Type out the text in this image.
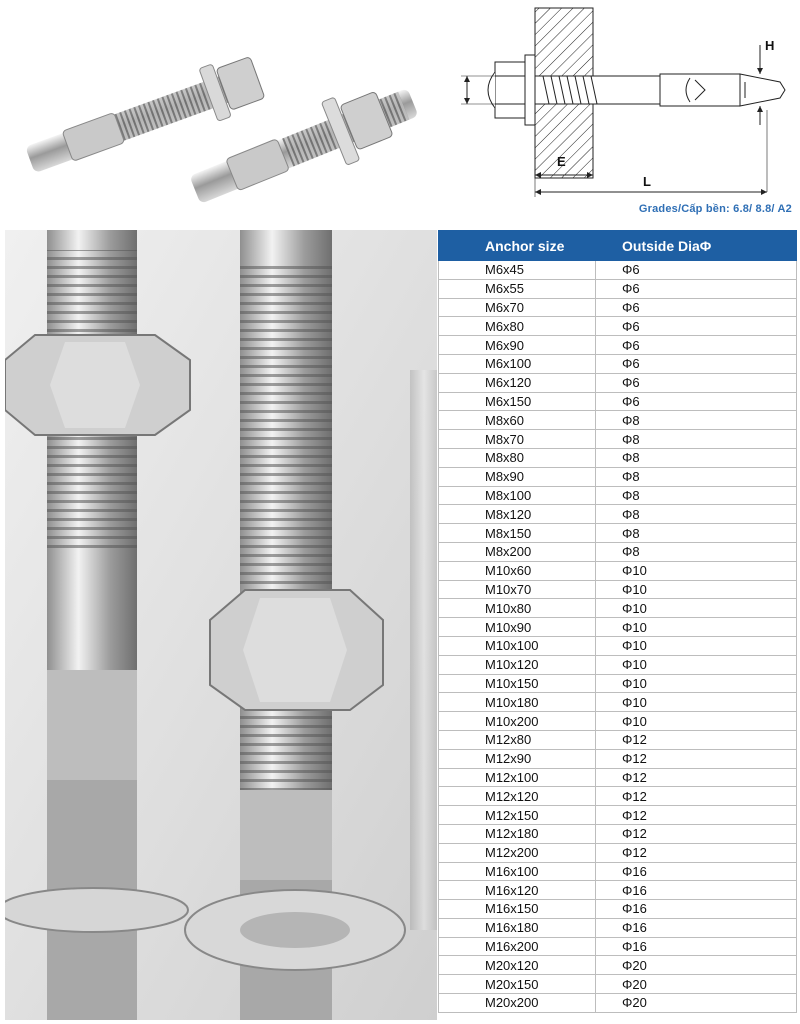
H
E
L
Grades/Cấp bền: 6.8/ 8.8/ A2
Anchor size	Outside DiaΦ

M6x45	Φ6
M6x55	Φ6
M6x70	Φ6
M6x80	Φ6
M6x90	Φ6
M6x100	Φ6
M6x120	Φ6
M6x150	Φ6
M8x60	Φ8
M8x70	Φ8
M8x80	Φ8
M8x90	Φ8
M8x100	Φ8
M8x120	Φ8
M8x150	Φ8
M8x200	Φ8
M10x60	Φ10
M10x70	Φ10
M10x80	Φ10
M10x90	Φ10
M10x100	Φ10
M10x120	Φ10
M10x150	Φ10
M10x180	Φ10
M10x200	Φ10
M12x80	Φ12
M12x90	Φ12
M12x100	Φ12
M12x120	Φ12
M12x150	Φ12
M12x180	Φ12
M12x200	Φ12
M16x100	Φ16
M16x120	Φ16
M16x150	Φ16
M16x180	Φ16
M16x200	Φ16
M20x120	Φ20
M20x150	Φ20
M20x200	Φ20
